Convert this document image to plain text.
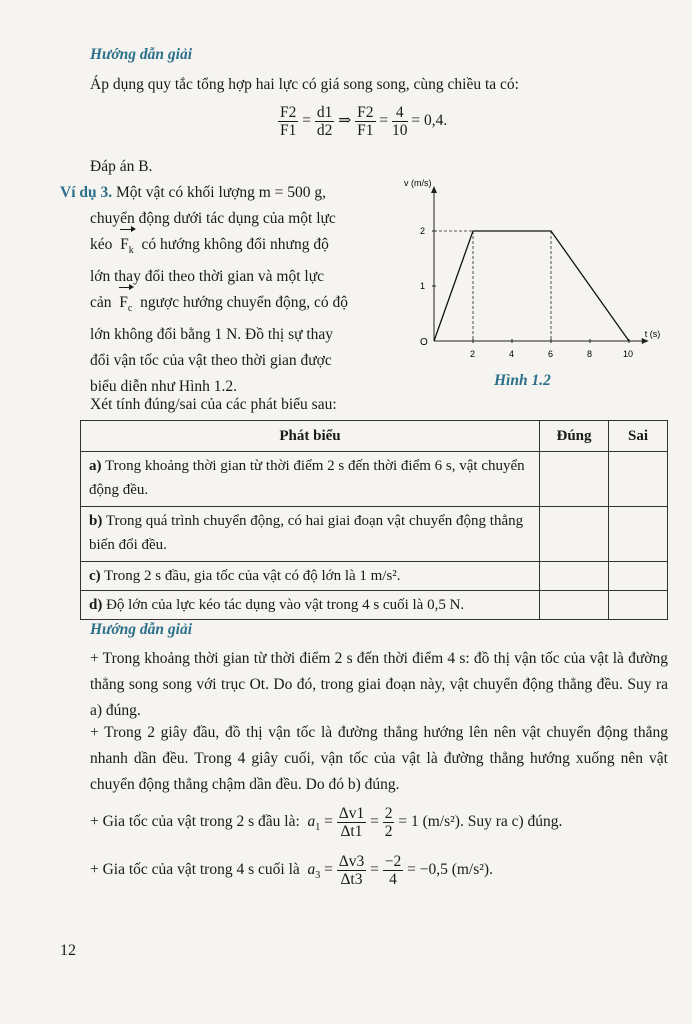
Hướng dẫn giải
Áp dụng quy tắc tổng hợp hai lực có giá song song, cùng chiều ta có:
$\frac{F2}{F1} = \frac{d1}{d2}$ ⇒ $\frac{F2}{F1} = \frac{4}{10} = 0,4$.
Đáp án B.
Ví dụ 3. Một vật có khối lượng m = 500 g,
chuyển động dưới tác dụng của một lực
kéo $F_k$ có hướng không đổi nhưng độ
lớn thay đổi theo thời gian và một lực
cản $F_c$ ngược hướng chuyển động, có độ
lớn không đổi bằng 1 N. Đồ thị sự thay
đổi vận tốc của vật theo thời gian được
biểu diễn như Hình 1.2.
v (m/s)
t (s)
O
2	4	6	8	10
1
2
Hình 1.2
Xét tính đúng/sai của các phát biểu sau:
Phát biểu	Đúng	Sai
a) Trong khoảng thời gian từ thời điểm 2 s đến thời điểm 6 s, vật chuyển động đều.		
b) Trong quá trình chuyển động, có hai giai đoạn vật chuyển động thẳng biến đổi đều.		
c) Trong 2 s đầu, gia tốc của vật có độ lớn là 1 m/s².		
d) Độ lớn của lực kéo tác dụng vào vật trong 4 s cuối là 0,5 N.		
Hướng dẫn giải
+ Trong khoảng thời gian từ thời điểm 2 s đến thời điểm 4 s: đồ thị vận tốc của vật là đường thẳng song song với trục Ot. Do đó, trong giai đoạn này, vật chuyển động thẳng đều. Suy ra a) đúng.
+ Trong 2 giây đầu, đồ thị vận tốc là đường thẳng hướng lên nên vật chuyển động thẳng nhanh dần đều. Trong 4 giây cuối, vận tốc của vật là đường thẳng hướng xuống nên vật chuyển động thẳng chậm dần đều. Do đó b) đúng.
+ Gia tốc của vật trong 2 s đầu là: $a_1 = \frac{\Delta v1}{\Delta t1} = \frac{2}{2} = 1$ (m/s²). Suy ra c) đúng.
+ Gia tốc của vật trong 4 s cuối là $a_3 = \frac{\Delta v3}{\Delta t3} = \frac{-2}{4} = -0,5$ (m/s²).
12
